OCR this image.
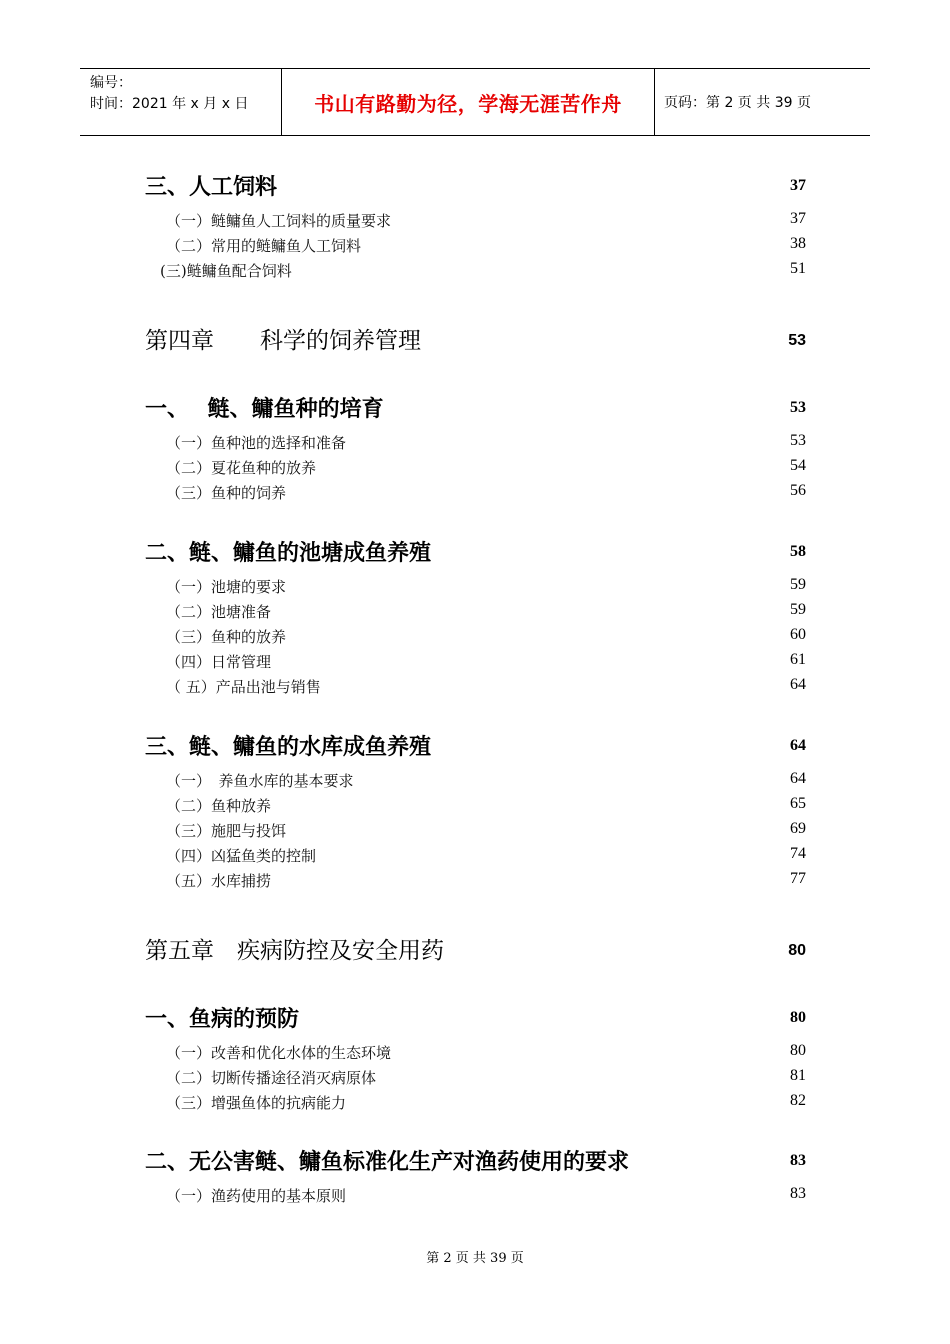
编号：
时间：2021 年 x 月 x 日	书山有路勤为径，学海无涯苦作舟	页码：第 2 页 共 39 页
三、人工饲料	37
（一）鲢鳙鱼人工饲料的质量要求	37
（二）常用的鲢鳙鱼人工饲料	38
(三)鲢鳙鱼配合饲料	51
第四章　　科学的饲养管理	53
一、　 鲢、鳙鱼种的培育	53
（一）鱼种池的选择和准备	53
（二）夏花鱼种的放养	54
（三）鱼种的饲养	56
二、鲢、鳙鱼的池塘成鱼养殖	58
（一）池塘的要求	59
（二）池塘准备	59
（三）鱼种的放养	60
（四）日常管理	61
（ 五）产品出池与销售	64
三、鲢、鳙鱼的水库成鱼养殖	64
（一）　养鱼水库的基本要求	64
（二）鱼种放养	65
（三）施肥与投饵	69
（四）凶猛鱼类的控制	74
（五）水库捕捞	77
第五章　疾病防控及安全用药	80
一、鱼病的预防	80
（一）改善和优化水体的生态环境	80
（二）切断传播途径消灭病原体	81
（三）增强鱼体的抗病能力	82
二、无公害鲢、鳙鱼标准化生产对渔药使用的要求	83
（一）渔药使用的基本原则	83
第 2 页 共 39 页
